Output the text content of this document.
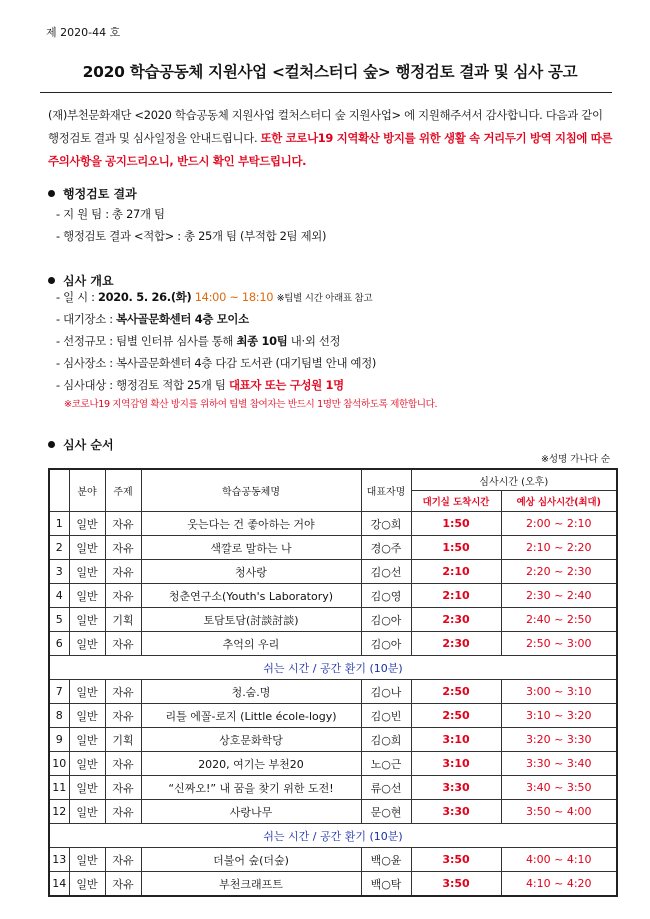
제 2020-44 호
2020 학습공동체 지원사업 <컬처스터디 숲> 행정검토 결과 및 심사 공고
(재)부천문화재단 <2020 학습공동체 지원사업 컬처스터디 숲 지원사업> 에 지원해주셔서 감사합니다. 다음과 같이 행정검토 결과 및 심사일정을 안내드립니다. 또한 코로나19 지역확산 방지를 위한 생활 속 거리두기 방역 지침에 따른 주의사항을 공지드리오니, 반드시 확인 부탁드립니다.
행정검토 결과
- 지 원 팀 : 총 27개 팀
- 행정검토 결과 <적합> : 총 25개 팀 (부적합 2팀 제외)
심사 개요
- 일 시 : 2020. 5. 26.(화) 14:00 ~ 18:10 ※팀별 시간 아래표 참고
- 대기장소 : 복사골문화센터 4층 모이소
- 선정규모 : 팀별 인터뷰 심사를 통해 최종 10팀 내·외 선정
- 심사장소 : 복사골문화센터 4층 다감 도서관 (대기팀별 안내 예정)
- 심사대상 : 행정검토 적합 25개 팀 대표자 또는 구성원 1명
※코로나19 지역감염 확산 방지를 위하여 팀별 참여자는 반드시 1명만 참석하도록 제한합니다.
심사 순서
※성명 가나다 순
	분야	주제	학습공동체명	대표자명	심사시간 (오후)	
					대기실 도착시간	예상 심사시간(최대)
1	일반	자유	웃는다는 건 좋아하는 거야	강○희	1:50	2:00 ~ 2:10
2	일반	자유	색깔로 말하는 나	경○주	1:50	2:10 ~ 2:20
3	일반	자유	청사랑	김○선	2:10	2:20 ~ 2:30
4	일반	자유	청춘연구소(Youth's Laboratory)	김○영	2:10	2:30 ~ 2:40
5	일반	기획	토담토담(討談討談)	김○아	2:30	2:40 ~ 2:50
6	일반	자유	추억의 우리	김○아	2:30	2:50 ~ 3:00
쉬는 시간 / 공간 환기 (10분)						
7	일반	자유	청.숨.명	김○나	2:50	3:00 ~ 3:10
8	일반	자유	리틀 에꼴-로지 (Little école-logy)	김○빈	2:50	3:10 ~ 3:20
9	일반	기획	상호문화학당	김○희	3:10	3:20 ~ 3:30
10	일반	자유	2020, 여기는 부천20	노○근	3:10	3:30 ~ 3:40
11	일반	자유	“신짜오!” 내 꿈을 찾기 위한 도전!	류○선	3:30	3:40 ~ 3:50
12	일반	자유	사랑나무	문○현	3:30	3:50 ~ 4:00
쉬는 시간 / 공간 환기 (10분)						
13	일반	자유	더불어 숲(더숲)	백○윤	3:50	4:00 ~ 4:10
14	일반	자유	부천크래프트	백○탁	3:50	4:10 ~ 4:20
